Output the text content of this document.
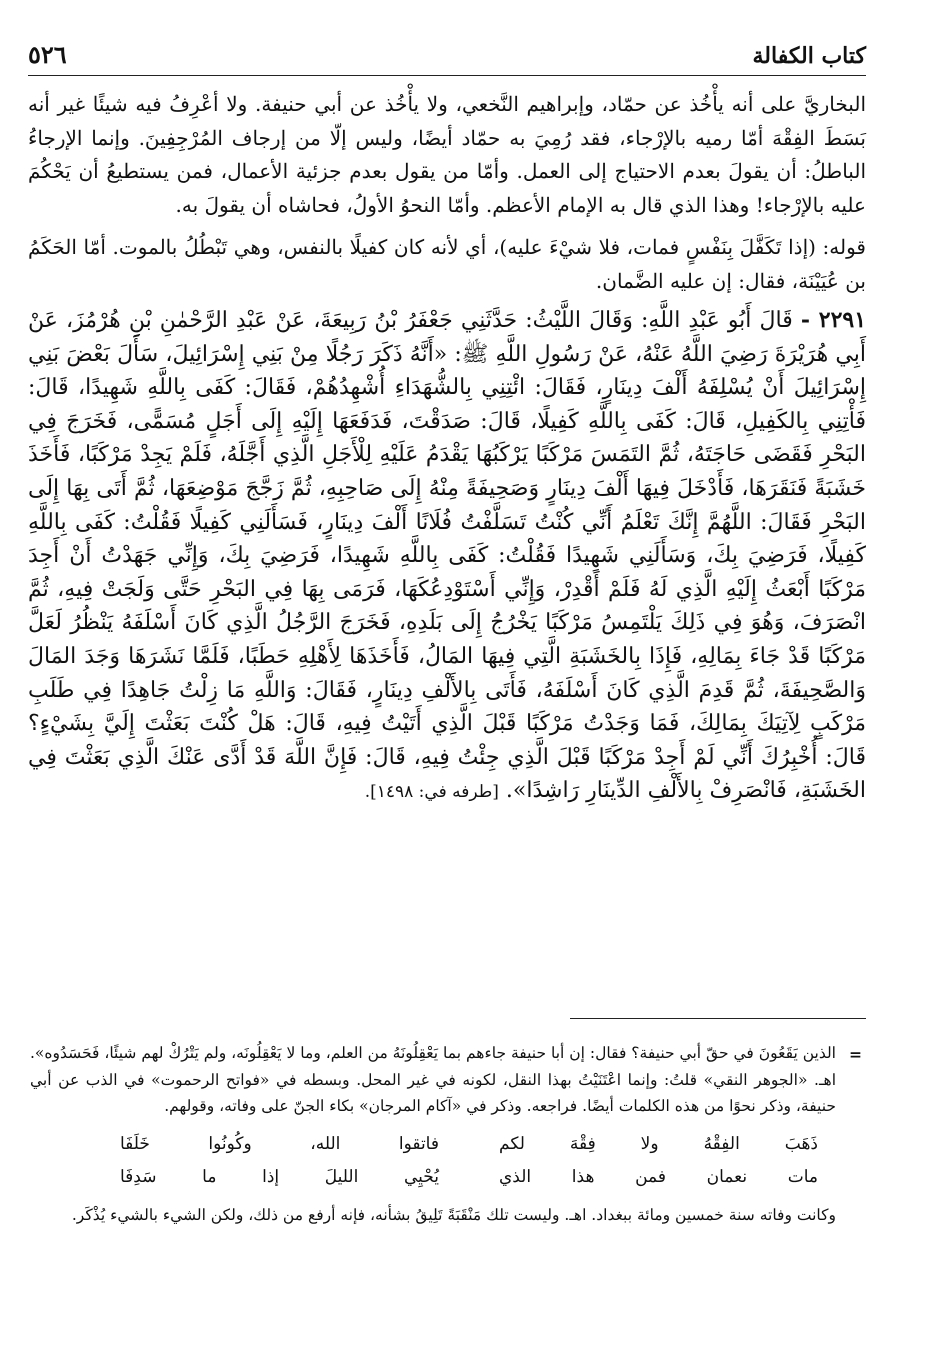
كتاب الكفالة
٥٢٦

البخاريَّ على أنه يأْخُذ عن حمّاد، وإبراهيم النَّخعي، ولا يأْخُذ عن أبي حنيفة. ولا أعْرِفُ فيه شيئًا غير أنه بَسَطَ الفِقْهَ أمّا رميه بالإرْجاء، فقد رُمِيَ به حمّاد أيضًا، وليس إلّا من إرجاف المُرْجِفِينَ. وإنما الإرجاءُ الباطلُ: أن يقولَ بعدم الاحتياج إلى العمل. وأمّا من يقول بعدم جزئية الأعمال، فمن يستطيعُ أن يَحْكُمَ عليه بالإرْجاء! وهذا الذي قال به الإمام الأعظم. وأمّا النحوُ الأولُ، فحاشاه أن يقولَ به.

قوله: (إذا تَكَفَّلَ بِنَفْسٍ فمات، فلا شيْءَ عليه)، أي لأنه كان كفيلًا بالنفس، وهي تَبْطُلُ بالموت. أمّا الحَكَمُ بن عُيَيْنَة، فقال: إن عليه الضَّمان.

٢٢٩١ - قَالَ أَبُو عَبْدِ اللَّهِ: وَقَالَ اللَّيْثُ: حَدَّثَنِي جَعْفَرُ بْنُ رَبِيعَةَ، عَنْ عَبْدِ الرَّحْمٰنِ بْنِ هُرْمُزَ، عَنْ أَبِي هُرَيْرَةَ رَضِيَ اللَّهُ عَنْهُ، عَنْ رَسُولِ اللَّهِ ﷺ: «أَنَّهُ ذَكَرَ رَجُلًا مِنْ بَنِي إِسْرَائِيلَ، سَأَلَ بَعْضَ بَنِي إِسْرَائِيلَ أَنْ يُسْلِفَهُ أَلْفَ دِينَارٍ، فَقَالَ: ائْتِنِي بِالشُّهَدَاءِ أُشْهِدُهُمْ، فَقَالَ: كَفَى بِاللَّهِ شَهِيدًا، قَالَ: فَأْتِنِي بِالكَفِيلِ، قَالَ: كَفَى بِاللَّهِ كَفِيلًا، قَالَ: صَدَقْتَ، فَدَفَعَهَا إِلَيْهِ إِلَى أَجَلٍ مُسَمًّى، فَخَرَجَ فِي البَحْرِ فَقَضَى حَاجَتَهُ، ثُمَّ التَمَسَ مَرْكَبًا يَرْكَبُهَا يَقْدَمُ عَلَيْهِ لِلْأَجَلِ الَّذِي أَجَّلَهُ، فَلَمْ يَجِدْ مَرْكَبًا، فَأَخَذَ خَشَبَةً فَنَقَرَهَا، فَأَدْخَلَ فِيهَا أَلْفَ دِينَارٍ وَصَحِيفَةً مِنْهُ إِلَى صَاحِبِهِ، ثُمَّ زَجَّجَ مَوْضِعَهَا، ثُمَّ أَتَى بِهَا إِلَى البَحْرِ فَقَالَ: اللَّهُمَّ إِنَّكَ تَعْلَمُ أَنِّي كُنْتُ تَسَلَّفْتُ فُلَانًا أَلْفَ دِينَارٍ، فَسَأَلَنِي كَفِيلًا فَقُلْتُ: كَفَى بِاللَّهِ كَفِيلًا، فَرَضِيَ بِكَ، وَسَأَلَنِي شَهِيدًا فَقُلْتُ: كَفَى بِاللَّهِ شَهِيدًا، فَرَضِيَ بِكَ، وَإِنِّي جَهَدْتُ أَنْ أَجِدَ مَرْكَبًا أَبْعَثُ إِلَيْهِ الَّذِي لَهُ فَلَمْ أَقْدِرْ، وَإِنِّي أَسْتَوْدِعُكَهَا، فَرَمَى بِهَا فِي البَحْرِ حَتَّى وَلَجَتْ فِيهِ، ثُمَّ انْصَرَفَ، وَهُوَ فِي ذَلِكَ يَلْتَمِسُ مَرْكَبًا يَخْرُجُ إِلَى بَلَدِهِ، فَخَرَجَ الرَّجُلُ الَّذِي كَانَ أَسْلَفَهُ يَنْظُرُ لَعَلَّ مَرْكَبًا قَدْ جَاءَ بِمَالِهِ، فَإِذَا بِالخَشَبَةِ الَّتِي فِيهَا المَالُ، فَأَخَذَهَا لِأَهْلِهِ حَطَبًا، فَلَمَّا نَشَرَهَا وَجَدَ المَالَ وَالصَّحِيفَةَ، ثُمَّ قَدِمَ الَّذِي كَانَ أَسْلَفَهُ، فَأَتَى بِالأَلْفِ دِينَارٍ، فَقَالَ: وَاللَّهِ مَا زِلْتُ جَاهِدًا فِي طَلَبِ مَرْكَبٍ لِآتِيَكَ بِمَالِكَ، فَمَا وَجَدْتُ مَرْكَبًا قَبْلَ الَّذِي أَتَيْتُ فِيهِ، قَالَ: هَلْ كُنْتَ بَعَثْتَ إِلَيَّ بِشَيْءٍ؟ قَالَ: أُخْبِرُكَ أَنِّي لَمْ أَجِدْ مَرْكَبًا قَبْلَ الَّذِي جِئْتُ فِيهِ، قَالَ: فَإِنَّ اللَّهَ قَدْ أَدَّى عَنْكَ الَّذِي بَعَثْتَ فِي الخَشَبَةِ، فَانْصَرِفْ بِالأَلْفِ الدِّينَارِ رَاشِدًا». [طرفه في: ١٤٩٨].

=

الذين يَقَعُونَ في حقّ أبي حنيفة؟ فقال: إن أبا حنيفة جاءهم بما يَعْقِلُونَهُ من العلم، وما لا يَعْقِلُونَه، ولم يَتْرُكْ لهم شيئًا، فَحَسَدُوه». اهـ. «الجوهر النقي» قلتُ: وإنما اعْتَنَيْتُ بهذا النقل، لكونه في غير المحل. وبسطه في «فواتح الرحموت» في الذب عن أبي حنيفة، وذكر نحوًا من هذه الكلمات أيضًا. فراجعه. وذكر في «آكام المرجان» بكاء الجنّ على وفاته، وقولهم.

ذَهَبَ الفِقْهُ ولا فِقْهَ لكم
فاتقوا الله، وكُونُوا خَلَفَا
مات نعمان فمن هذا الذي
يُحْيِي الليلَ إذا ما سَدِفَا

وكانت وفاته سنة خمسين ومائة ببغداد. اهـ. وليست تلك مَنْقَبَةً تَلِيقُ بشأنه، فإنه أرفع من ذلك، ولكن الشيء بالشيء يُذْكَر.
